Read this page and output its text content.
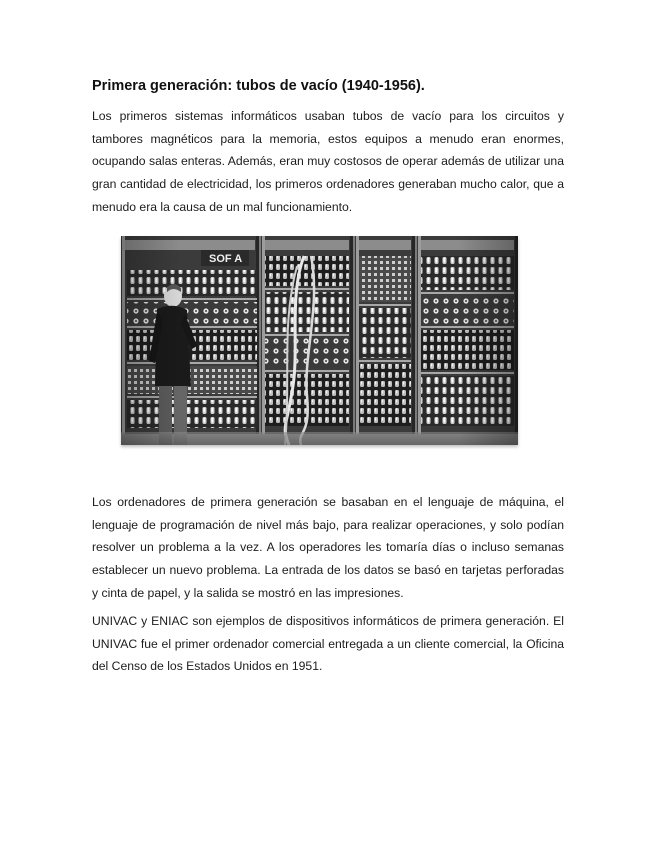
Primera generación: tubos de vacío (1940-1956).

Los primeros sistemas informáticos usaban tubos de vacío para los circuitos y tambores magnéticos para la memoria, estos equipos a menudo eran enormes, ocupando salas enteras. Además, eran muy costosos de operar además de utilizar una gran cantidad de electricidad, los primeros ordenadores generaban mucho calor, que a menudo era la causa de un mal funcionamiento.

Los ordenadores de primera generación se basaban en el lenguaje de máquina, el lenguaje de programación de nivel más bajo, para realizar operaciones, y solo podían resolver un problema a la vez. A los operadores les tomaría días o incluso semanas establecer un nuevo problema. La entrada de los datos se basó en tarjetas perforadas y cinta de papel, y la salida se mostró en las impresiones.

UNIVAC y ENIAC son ejemplos de dispositivos informáticos de primera generación. El UNIVAC fue el primer ordenador comercial entregada a un cliente comercial, la Oficina del Censo de los Estados Unidos en 1951.
